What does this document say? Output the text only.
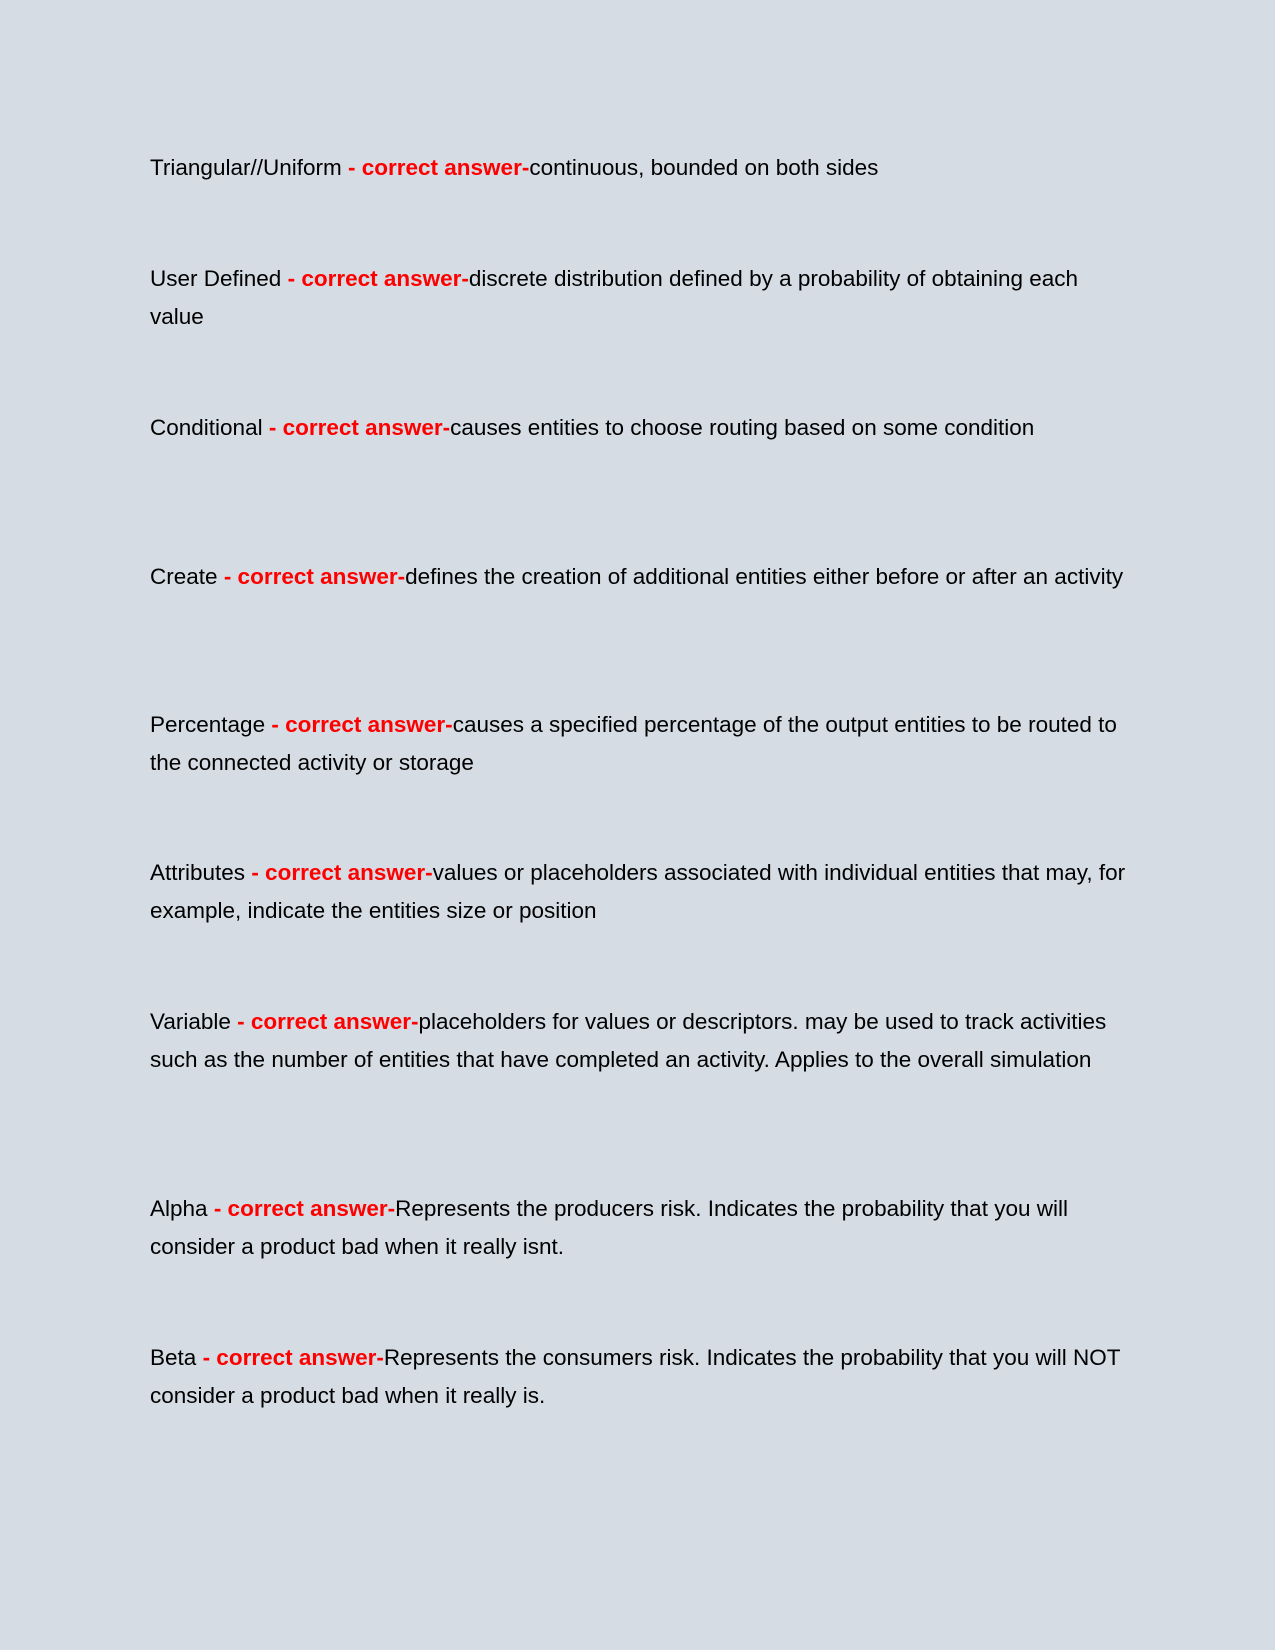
Triangular//Uniform - correct answer-continuous, bounded on both sides
User Defined - correct answer-discrete distribution defined by a probability of obtaining each value
Conditional - correct answer-causes entities to choose routing based on some condition
Create - correct answer-defines the creation of additional entities either before or after an activity
Percentage - correct answer-causes a specified percentage of the output entities to be routed to the connected activity or storage
Attributes - correct answer-values or placeholders associated with individual entities that may, for example, indicate the entities size or position
Variable - correct answer-placeholders for values or descriptors. may be used to track activities such as the number of entities that have completed an activity. Applies to the overall simulation
Alpha - correct answer-Represents the producers risk. Indicates the probability that you will consider a product bad when it really isnt.
Beta - correct answer-Represents the consumers risk. Indicates the probability that you will NOT consider a product bad when it really is.
